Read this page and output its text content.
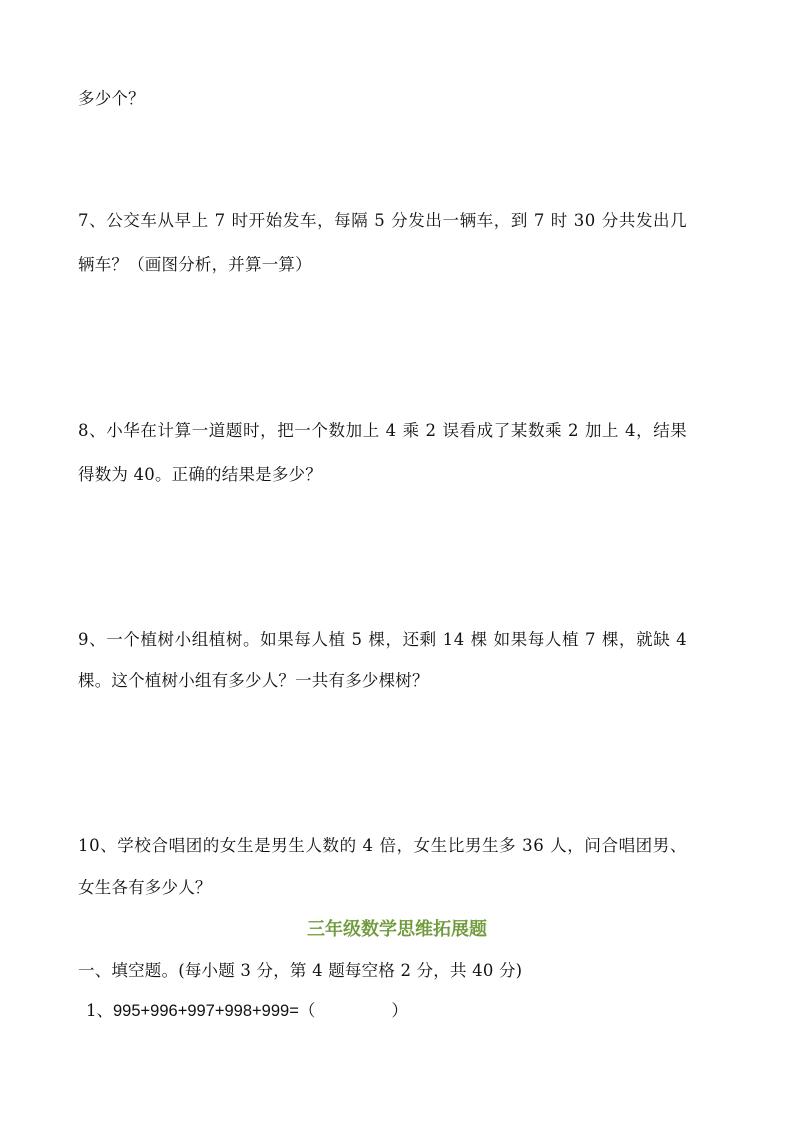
多少个？
7、公交车从早上 7 时开始发车，每隔 5 分发出一辆车，到 7 时 30 分共发出几
辆车？（画图分析，并算一算）
8、小华在计算一道题时，把一个数加上 4 乘 2 误看成了某数乘 2 加上 4，结果
得数为 40。正确的结果是多少？
9、一个植树小组植树。如果每人植 5 棵，还剩 14 棵 如果每人植 7 棵，就缺 4
棵。这个植树小组有多少人？一共有多少棵树？
10、学校合唱团的女生是男生人数的 4 倍，女生比男生多 36 人，问合唱团男、
女生各有多少人？
三年级数学思维拓展题
一、填空题。(每小题 3 分，第 4 题每空格 2 分，共 40 分)
1、995+996+997+998+999=（	）
